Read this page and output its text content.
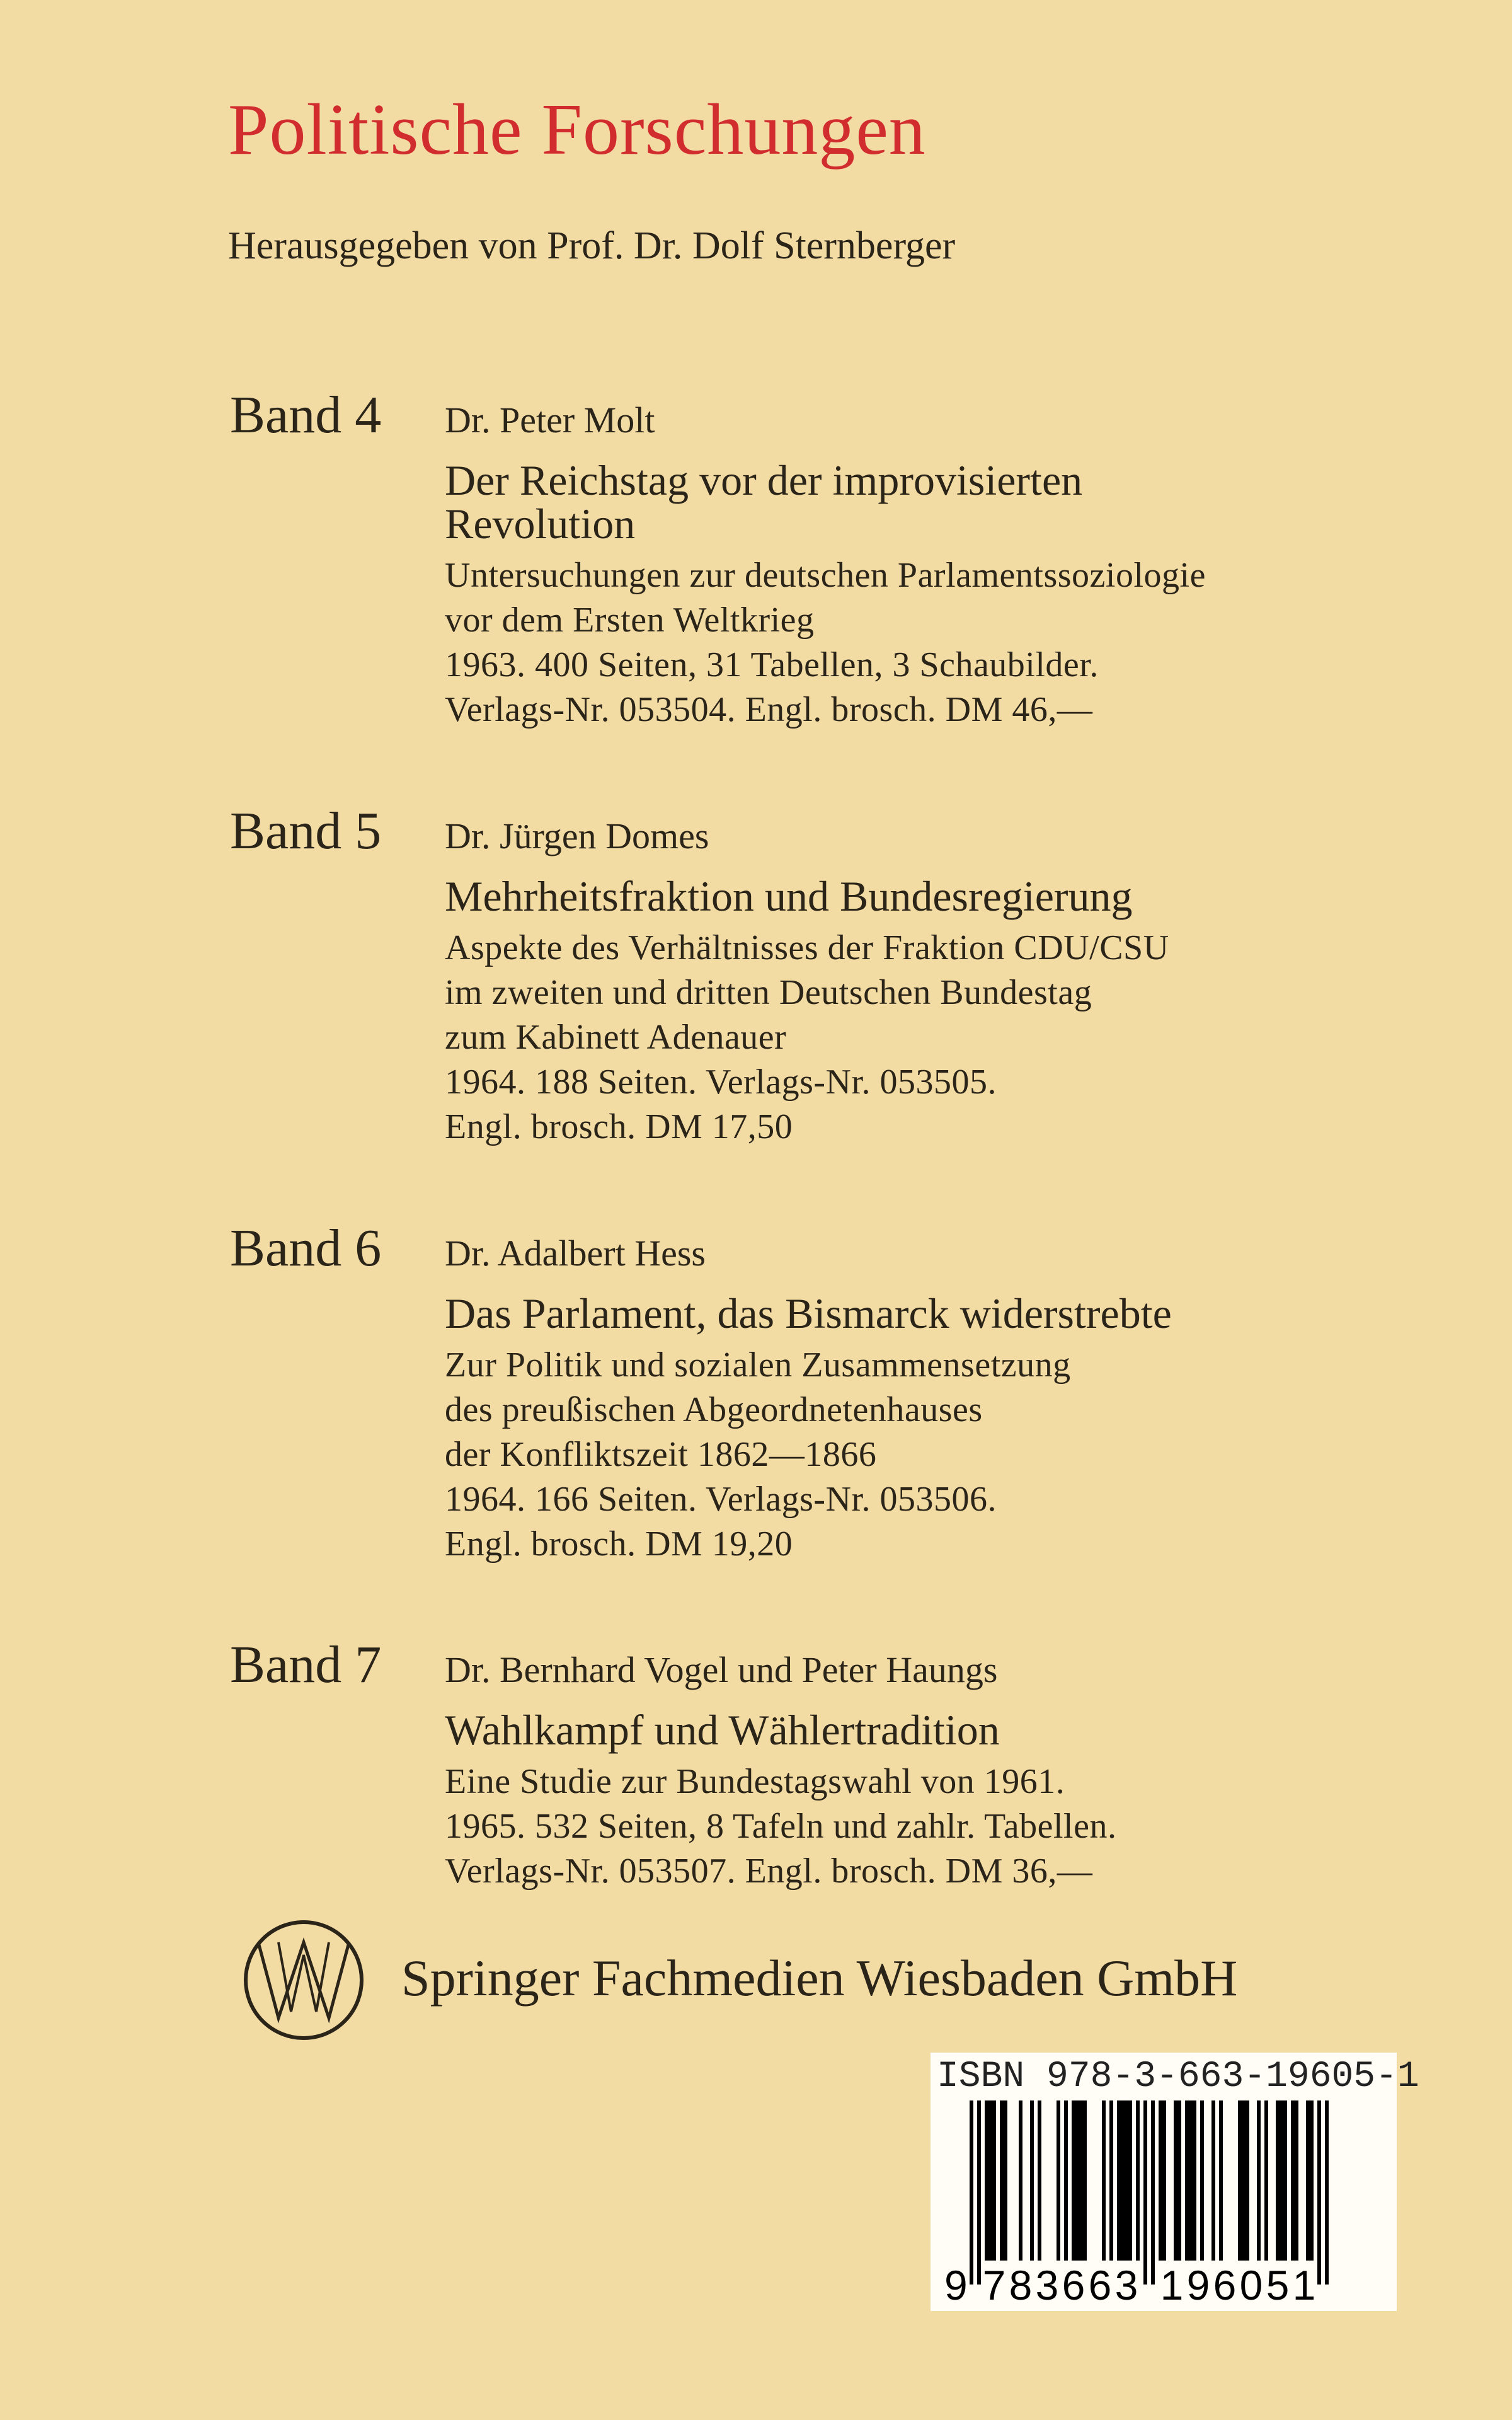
Politische Forschungen
Herausgegeben von Prof. Dr. Dolf Sternberger
Band 4 Dr. Peter Molt
Der Reichstag vor der improvisierten
Revolution
Untersuchungen zur deutschen Parlamentssoziologie
vor dem Ersten Weltkrieg
1963. 400 Seiten, 31 Tabellen, 3 Schaubilder.
Verlags-Nr. 053504. Engl. brosch. DM 46,—
Band 5 Dr. Jürgen Domes
Mehrheitsfraktion und Bundesregierung
Aspekte des Verhältnisses der Fraktion CDU/CSU
im zweiten und dritten Deutschen Bundestag
zum Kabinett Adenauer
1964. 188 Seiten. Verlags-Nr. 053505.
Engl. brosch. DM 17,50
Band 6 Dr. Adalbert Hess
Das Parlament, das Bismarck widerstrebte
Zur Politik und sozialen Zusammensetzung
des preußischen Abgeordnetenhauses
der Konfliktszeit 1862—1866
1964. 166 Seiten. Verlags-Nr. 053506.
Engl. brosch. DM 19,20
Band 7 Dr. Bernhard Vogel und Peter Haungs
Wahlkampf und Wählertradition
Eine Studie zur Bundestagswahl von 1961.
1965. 532 Seiten, 8 Tafeln und zahlr. Tabellen.
Verlags-Nr. 053507. Engl. brosch. DM 36,—
Springer Fachmedien Wiesbaden GmbH
ISBN 978-3-663-19605-1
9 7 8 3 6 6 3 1 9 6 0 5 1
